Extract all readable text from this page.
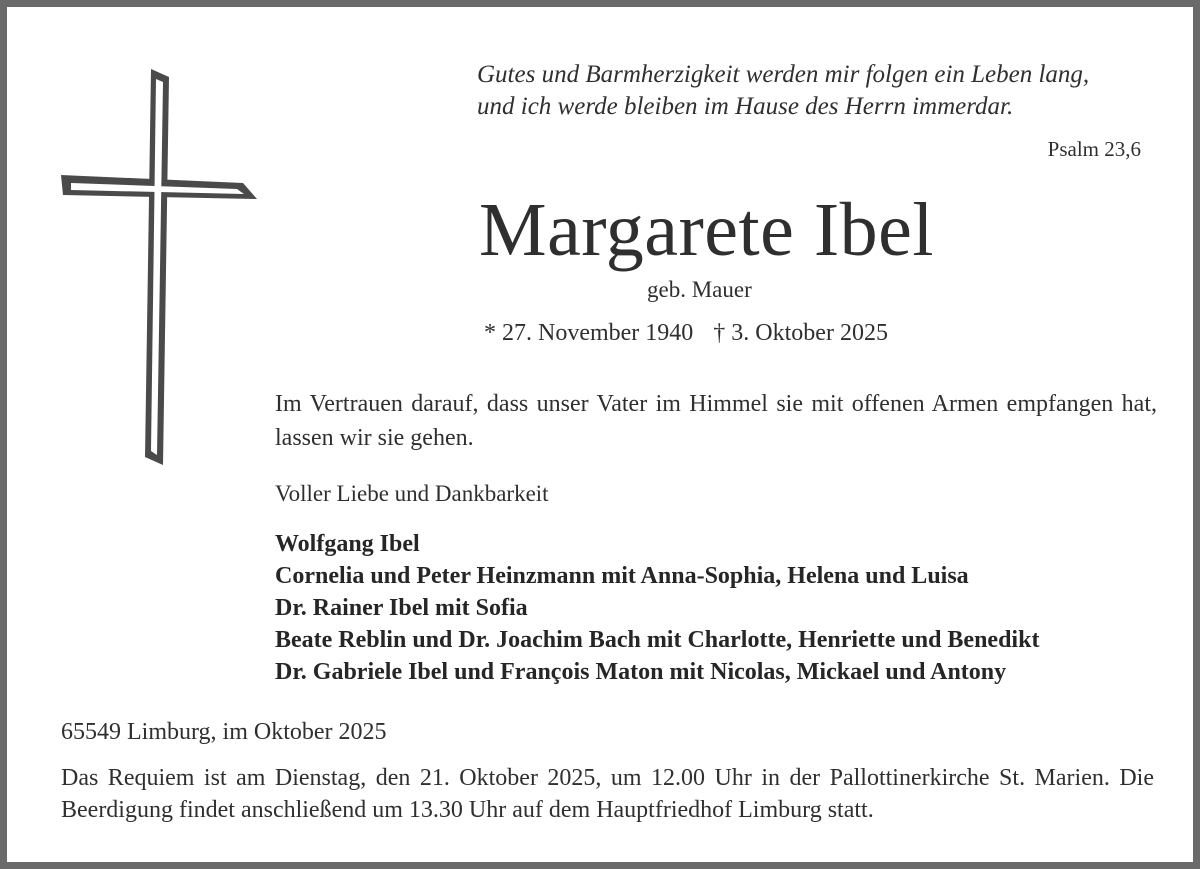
Gutes und Barmherzigkeit werden mir folgen ein Leben lang,
und ich werde bleiben im Hause des Herrn immerdar.
Psalm 23,6
Margarete Ibel
geb. Mauer
* 27. November 1940 † 3. Oktober 2025
Im Vertrauen darauf, dass unser Vater im Himmel sie mit offenen Armen empfangen hat, lassen wir sie gehen.
Voller Liebe und Dankbarkeit
Wolfgang Ibel
Cornelia und Peter Heinzmann mit Anna-Sophia, Helena und Luisa
Dr. Rainer Ibel mit Sofia
Beate Reblin und Dr. Joachim Bach mit Charlotte, Henriette und Benedikt
Dr. Gabriele Ibel und François Maton mit Nicolas, Mickael und Antony
65549 Limburg, im Oktober 2025
Das Requiem ist am Dienstag, den 21. Oktober 2025, um 12.00 Uhr in der Pallottinerkirche St. Marien. Die Beerdigung findet anschließend um 13.30 Uhr auf dem Hauptfriedhof Limburg statt.
